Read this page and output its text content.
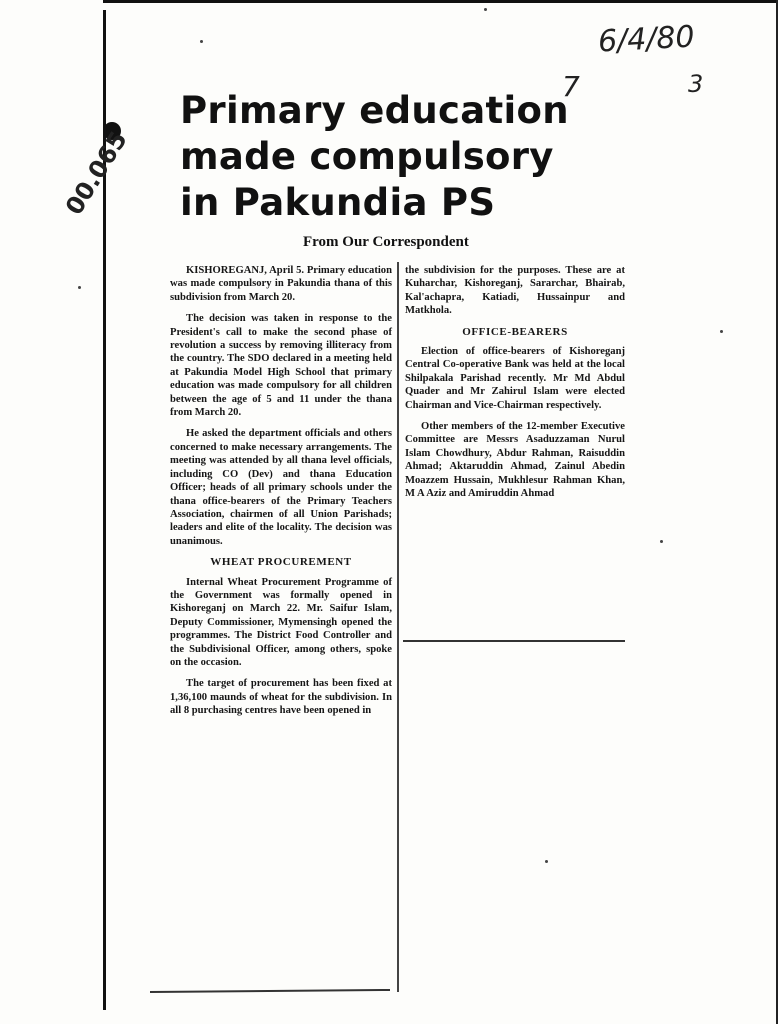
00.065
6/4/80
7	3
Primary education
made compulsory
in Pakundia PS
From Our Correspondent

KISHOREGANJ, April 5. Primary education was made compulsory in Pakundia thana of this subdivision from March 20.

The decision was taken in response to the President's call to make the second phase of revolution a success by removing illiteracy from the country. The SDO declared in a meeting held at Pakundia Model High School that primary education was made compulsory for all children between the age of 5 and 11 under the thana from March 20.

He asked the department officials and others concerned to make necessary arrangements. The meeting was attended by all thana level officials, including CO (Dev) and thana Education Officer; heads of all primary schools under the thana office-bearers of the Primary Teachers Association, chairmen of all Union Parishads; leaders and elite of the locality. The decision was unanimous.

WHEAT PROCUREMENT

Internal Wheat Procurement Programme of the Government was formally opened in Kishoreganj on March 22. Mr. Saifur Islam, Deputy Commissioner, Mymensingh opened the programmes. The District Food Controller and the Subdivisional Officer, among others, spoke on the occasion.

The target of procurement has been fixed at 1,36,100 maunds of wheat for the subdivision. In all 8 purchasing centres have been opened in

the subdivision for the purposes. These are at Kuharchar, Kishoreganj, Sararchar, Bhairab, Kal'achapra, Katiadi, Hussainpur and Matkhola.

OFFICE-BEARERS

Election of office-bearers of Kishoreganj Central Co-operative Bank was held at the local Shilpakala Parishad recently. Mr Md Abdul Quader and Mr Zahirul Islam were elected Chairman and Vice-Chairman respectively.

Other members of the 12-member Executive Committee are Messrs Asaduzzaman Nurul Islam Chowdhury, Abdur Rahman, Raisuddin Ahmad; Aktaruddin Ahmad, Zainul Abedin Moazzem Hussain, Mukhlesur Rahman Khan, M A Aziz and Amiruddin Ahmad
